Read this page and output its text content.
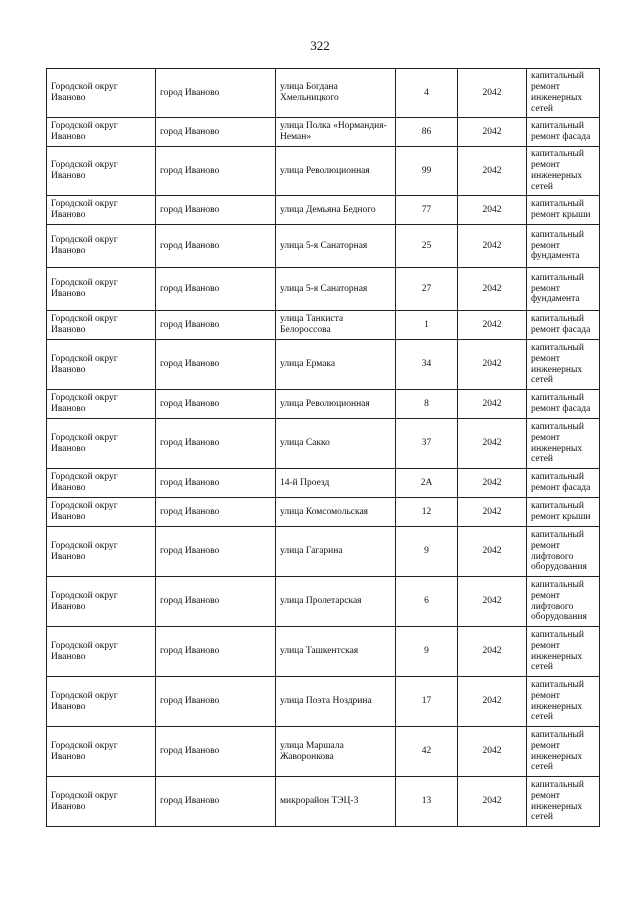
322
Городской округ Иваново	город Иваново	улица Богдана Хмельницкого	4	2042	капитальный ремонт инженерных сетей
Городской округ Иваново	город Иваново	улица Полка «Нормандия-Неман»	86	2042	капитальный ремонт фасада
Городской округ Иваново	город Иваново	улица Революционная	99	2042	капитальный ремонт инженерных сетей
Городской округ Иваново	город Иваново	улица Демьяна Бедного	77	2042	капитальный ремонт крыши
Городской округ Иваново	город Иваново	улица 5-я Санаторная	25	2042	капитальный ремонт фундамента
Городской округ Иваново	город Иваново	улица 5-я Санаторная	27	2042	капитальный ремонт фундамента
Городской округ Иваново	город Иваново	улица Танкиста Белороссова	1	2042	капитальный ремонт фасада
Городской округ Иваново	город Иваново	улица Ермака	34	2042	капитальный ремонт инженерных сетей
Городской округ Иваново	город Иваново	улица Революционная	8	2042	капитальный ремонт фасада
Городской округ Иваново	город Иваново	улица Сакко	37	2042	капитальный ремонт инженерных сетей
Городской округ Иваново	город Иваново	14-й Проезд	2А	2042	капитальный ремонт фасада
Городской округ Иваново	город Иваново	улица Комсомольская	12	2042	капитальный ремонт крыши
Городской округ Иваново	город Иваново	улица Гагарина	9	2042	капитальный ремонт лифтового оборудования
Городской округ Иваново	город Иваново	улица Пролетарская	6	2042	капитальный ремонт лифтового оборудования
Городской округ Иваново	город Иваново	улица Ташкентская	9	2042	капитальный ремонт инженерных сетей
Городской округ Иваново	город Иваново	улица Поэта Ноздрина	17	2042	капитальный ремонт инженерных сетей
Городской округ Иваново	город Иваново	улица Маршала Жаворонкова	42	2042	капитальный ремонт инженерных сетей
Городской округ Иваново	город Иваново	микрорайон ТЭЦ-3	13	2042	капитальный ремонт инженерных сетей
